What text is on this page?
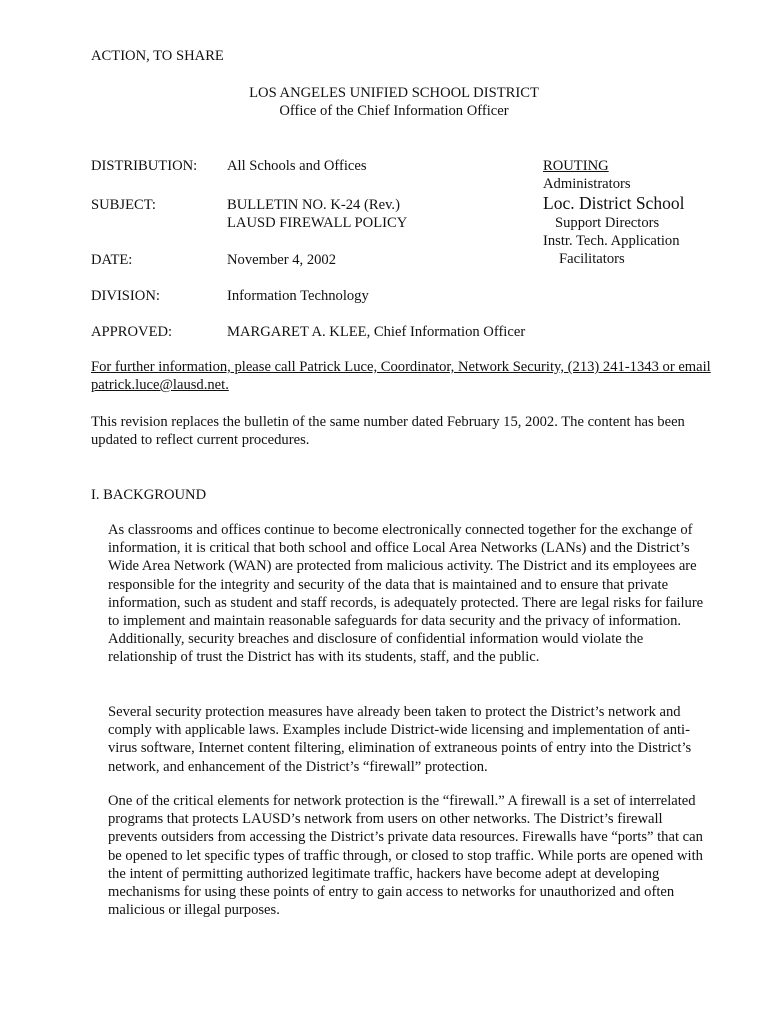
ACTION, TO SHARE
LOS ANGELES UNIFIED SCHOOL DISTRICT
Office of the Chief Information Officer
DISTRIBUTION: All Schools and Offices
SUBJECT:	BULLETIN NO. K-24 (Rev.)
LAUSD FIREWALL POLICY
DATE:	November 4, 2002
DIVISION:	Information Technology
APPROVED:	MARGARET A. KLEE, Chief Information Officer
ROUTING
Administrators
Loc. District School
Support Directors
Instr. Tech. Application
Facilitators
For further information, please call Patrick Luce, Coordinator, Network Security, (213) 241-1343 or email patrick.luce@lausd.net.
This revision replaces the bulletin of the same number dated February 15, 2002. The content has been updated to reflect current procedures.
I. BACKGROUND
As classrooms and offices continue to become electronically connected together for the exchange of information, it is critical that both school and office Local Area Networks (LANs) and the District’s Wide Area Network (WAN) are protected from malicious activity. The District and its employees are responsible for the integrity and security of the data that is maintained and to ensure that private information, such as student and staff records, is adequately protected. There are legal risks for failure to implement and maintain reasonable safeguards for data security and the privacy of information. Additionally, security breaches and disclosure of confidential information would violate the relationship of trust the District has with its students, staff, and the public.
Several security protection measures have already been taken to protect the District’s network and comply with applicable laws. Examples include District-wide licensing and implementation of anti-virus software, Internet content filtering, elimination of extraneous points of entry into the District’s network, and enhancement of the District’s “firewall” protection.
One of the critical elements for network protection is the “firewall.” A firewall is a set of interrelated programs that protects LAUSD’s network from users on other networks. The District’s firewall prevents outsiders from accessing the District’s private data resources. Firewalls have “ports” that can be opened to let specific types of traffic through, or closed to stop traffic. While ports are opened with the intent of permitting authorized legitimate traffic, hackers have become adept at developing mechanisms for using these points of entry to gain access to networks for unauthorized and often malicious or illegal purposes.
